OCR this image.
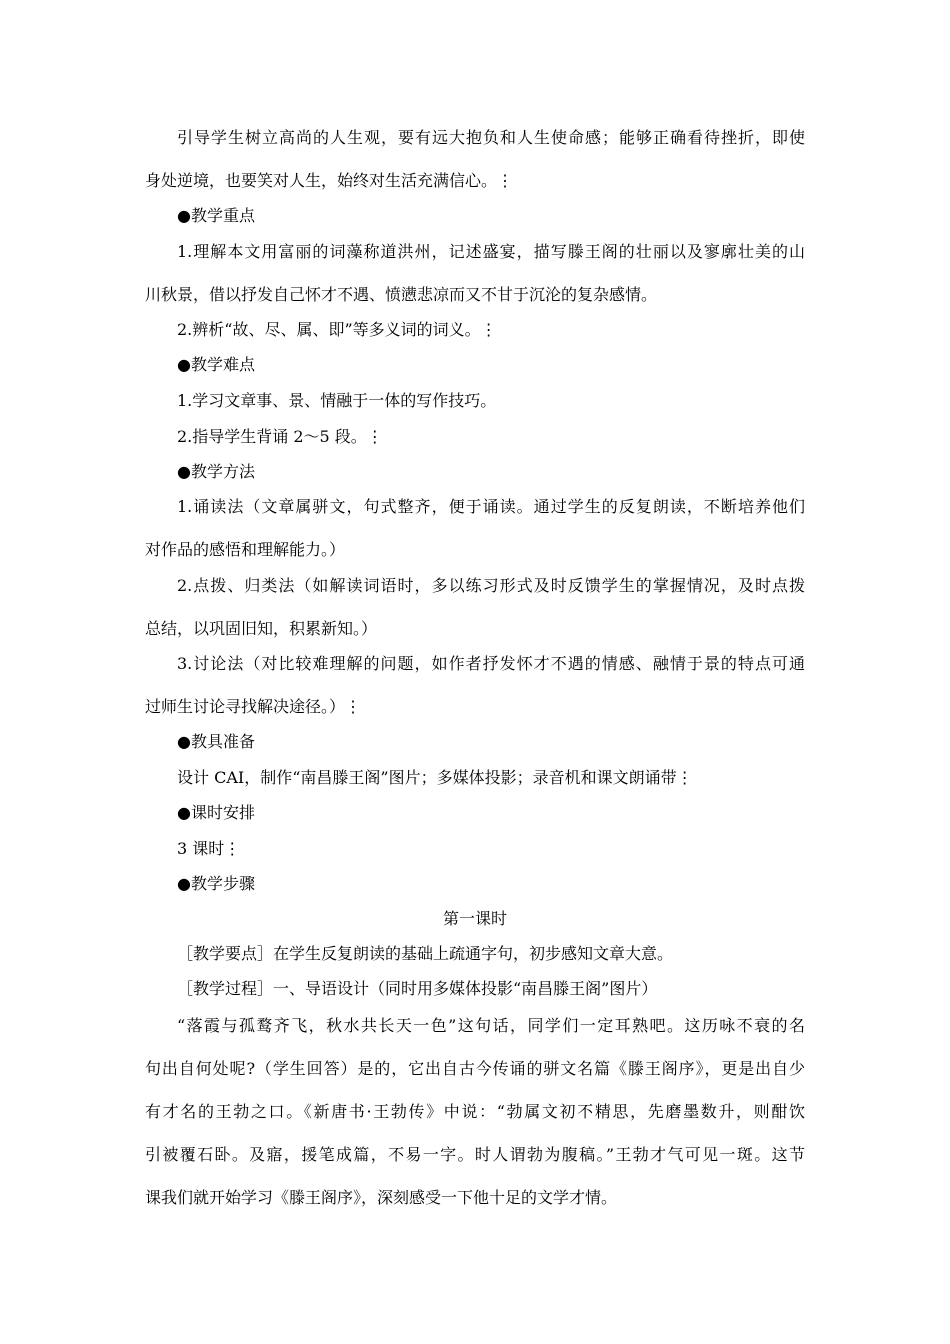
引导学生树立高尚的人生观，要有远大抱负和人生使命感；能够正确看待挫折，即使
身处逆境，也要笑对人生，始终对生活充满信心。⋮
●教学重点
1.理解本文用富丽的词藻称道洪州，记述盛宴，描写滕王阁的壮丽以及寥廓壮美的山
川秋景，借以抒发自己怀才不遇、愤懑悲凉而又不甘于沉沦的复杂感情。
2.辨析“故、尽、属、即”等多义词的词义。⋮
●教学难点
1.学习文章事、景、情融于一体的写作技巧。
2.指导学生背诵 2～5 段。⋮
●教学方法
1.诵读法（文章属骈文，句式整齐，便于诵读。通过学生的反复朗读，不断培养他们
对作品的感悟和理解能力。）
2.点拨、归类法（如解读词语时，多以练习形式及时反馈学生的掌握情况，及时点拨
总结，以巩固旧知，积累新知。）
3.讨论法（对比较难理解的问题，如作者抒发怀才不遇的情感、融情于景的特点可通
过师生讨论寻找解决途径。）⋮
●教具准备
设计 CAI，制作“南昌滕王阁”图片；多媒体投影；录音机和课文朗诵带⋮
●课时安排
3 课时⋮
●教学步骤
第一课时
［教学要点］在学生反复朗读的基础上疏通字句，初步感知文章大意。
［教学过程］一、导语设计（同时用多媒体投影“南昌滕王阁”图片）
“落霞与孤鹜齐飞，秋水共长天一色”这句话，同学们一定耳熟吧。这历咏不衰的名
句出自何处呢?（学生回答）是的，它出自古今传诵的骈文名篇《滕王阁序》，更是出自少
有才名的王勃之口。《新唐书·王勃传》中说：“勃属文初不精思，先磨墨数升，则酣饮
引被覆石卧。及寤，援笔成篇，不易一字。时人谓勃为腹稿。”王勃才气可见一斑。这节
课我们就开始学习《滕王阁序》，深刻感受一下他十足的文学才情。
